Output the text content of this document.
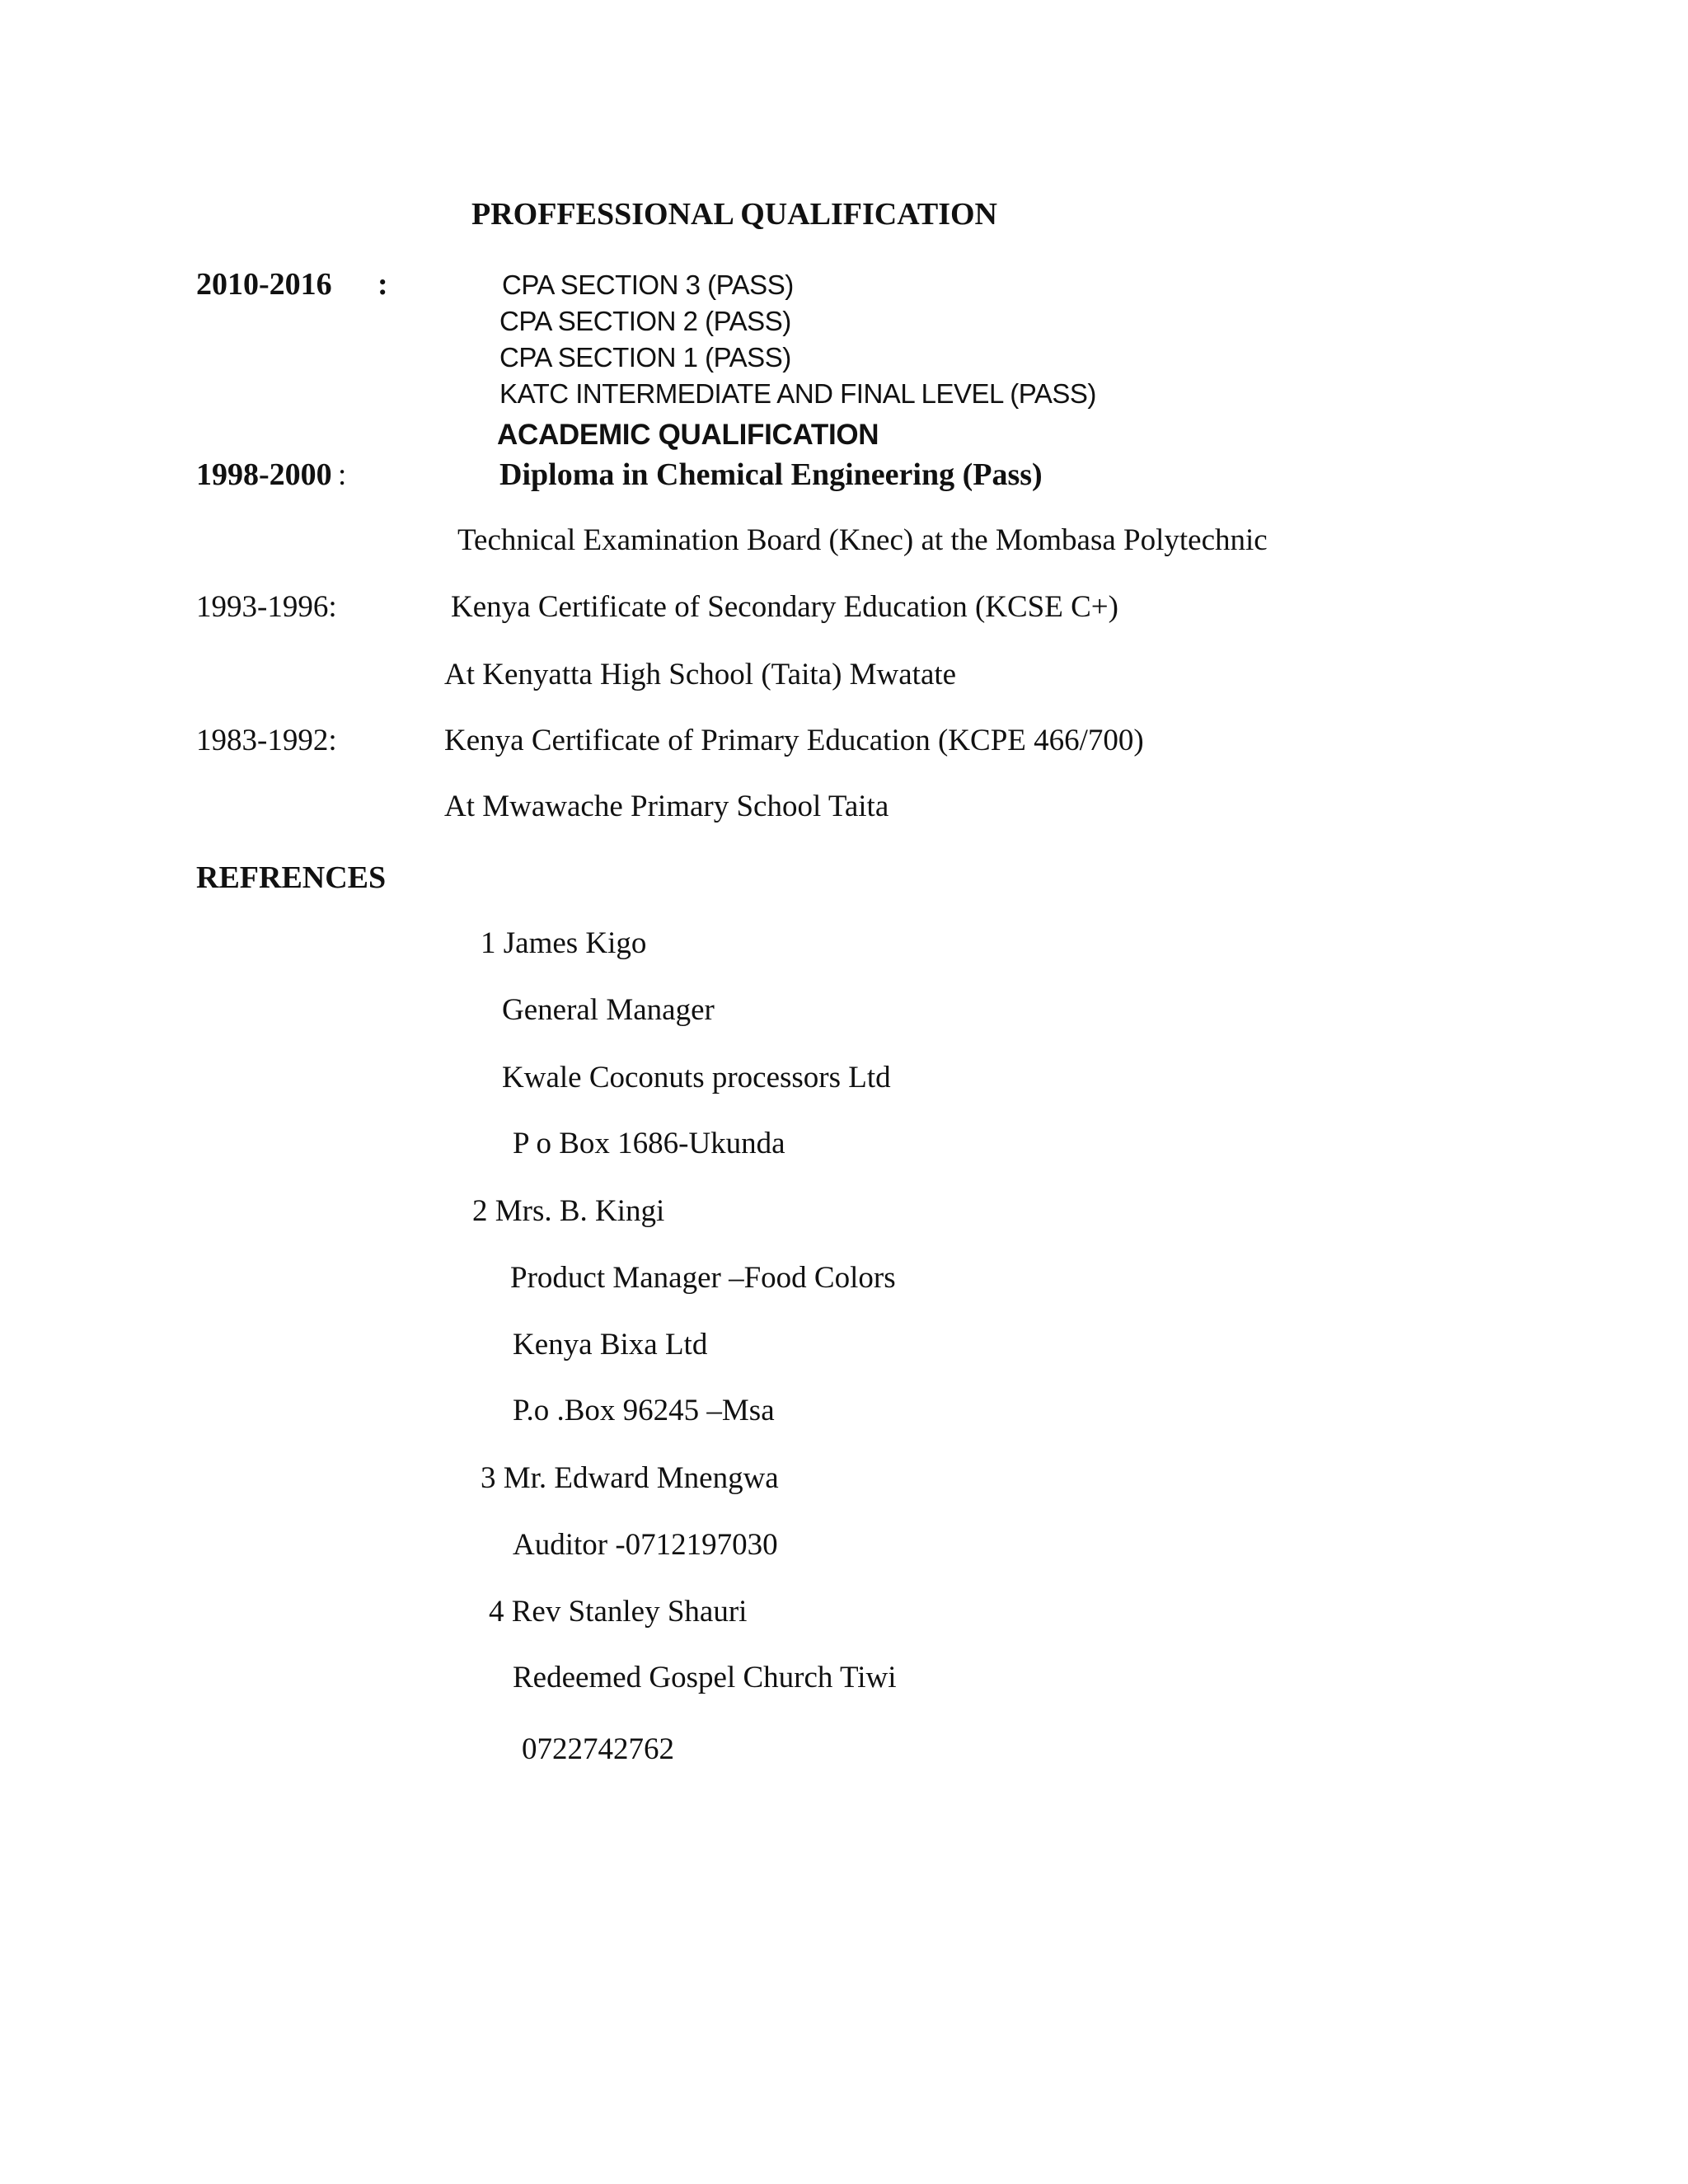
PROFFESSIONAL QUALIFICATION
2010-2016 :	CPA SECTION 3 (PASS)
CPA SECTION 2 (PASS)
CPA SECTION 1 (PASS)
KATC INTERMEDIATE AND FINAL LEVEL (PASS)
ACADEMIC QUALIFICATION
1998-2000 :	Diploma in Chemical Engineering (Pass)
Technical Examination Board (Knec) at the Mombasa Polytechnic
1993-1996:	Kenya Certificate of Secondary Education (KCSE C+)
At Kenyatta High School (Taita) Mwatate
1983-1992:	Kenya Certificate of Primary Education (KCPE 466/700)
At Mwawache Primary School Taita
REFRENCES
1 James Kigo
General Manager
Kwale Coconuts processors Ltd
P o Box 1686-Ukunda
2 Mrs. B. Kingi
Product Manager –Food Colors
Kenya Bixa Ltd
P.o .Box 96245 –Msa
3 Mr. Edward Mnengwa
Auditor -0712197030
4 Rev Stanley Shauri
Redeemed Gospel Church Tiwi
0722742762
